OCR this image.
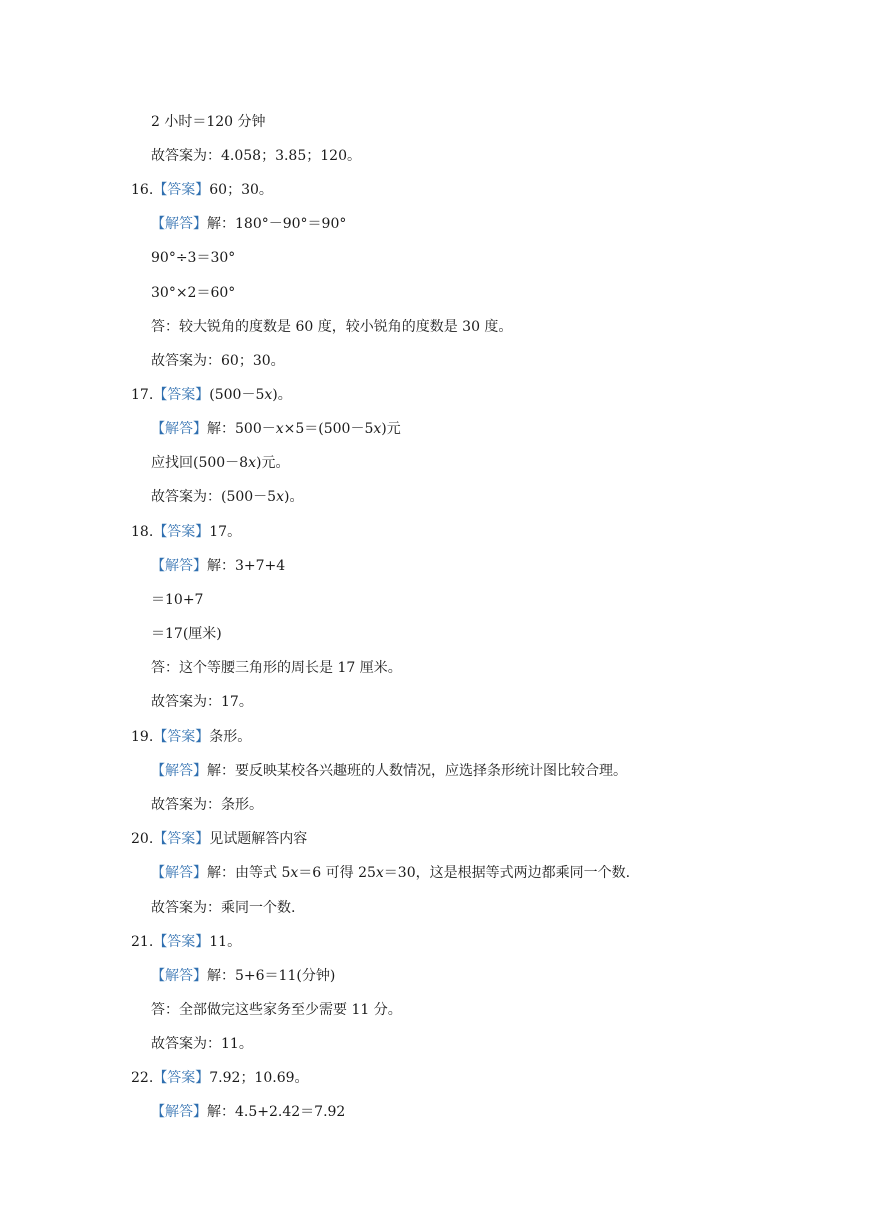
2 小时＝120 分钟
故答案为：4.058；3.85；120。
16.【答案】60；30。
【解答】解：180°－90°＝90°
90°÷3＝30°
30°×2＝60°
答：较大锐角的度数是 60 度，较小锐角的度数是 30 度。
故答案为：60；30。
17.【答案】(500－5x)。
【解答】解：500－x×5＝(500－5x)元
应找回(500－8x)元。
故答案为：(500－5x)。
18.【答案】17。
【解答】解：3+7+4
＝10+7
＝17(厘米)
答：这个等腰三角形的周长是 17 厘米。
故答案为：17。
19.【答案】条形。
【解答】解：要反映某校各兴趣班的人数情况，应选择条形统计图比较合理。
故答案为：条形。
20.【答案】见试题解答内容
【解答】解：由等式 5x＝6 可得 25x＝30，这是根据等式两边都乘同一个数.
故答案为：乘同一个数.
21.【答案】11。
【解答】解：5+6＝11(分钟)
答：全部做完这些家务至少需要 11 分。
故答案为：11。
22.【答案】7.92；10.69。
【解答】解：4.5+2.42＝7.92
